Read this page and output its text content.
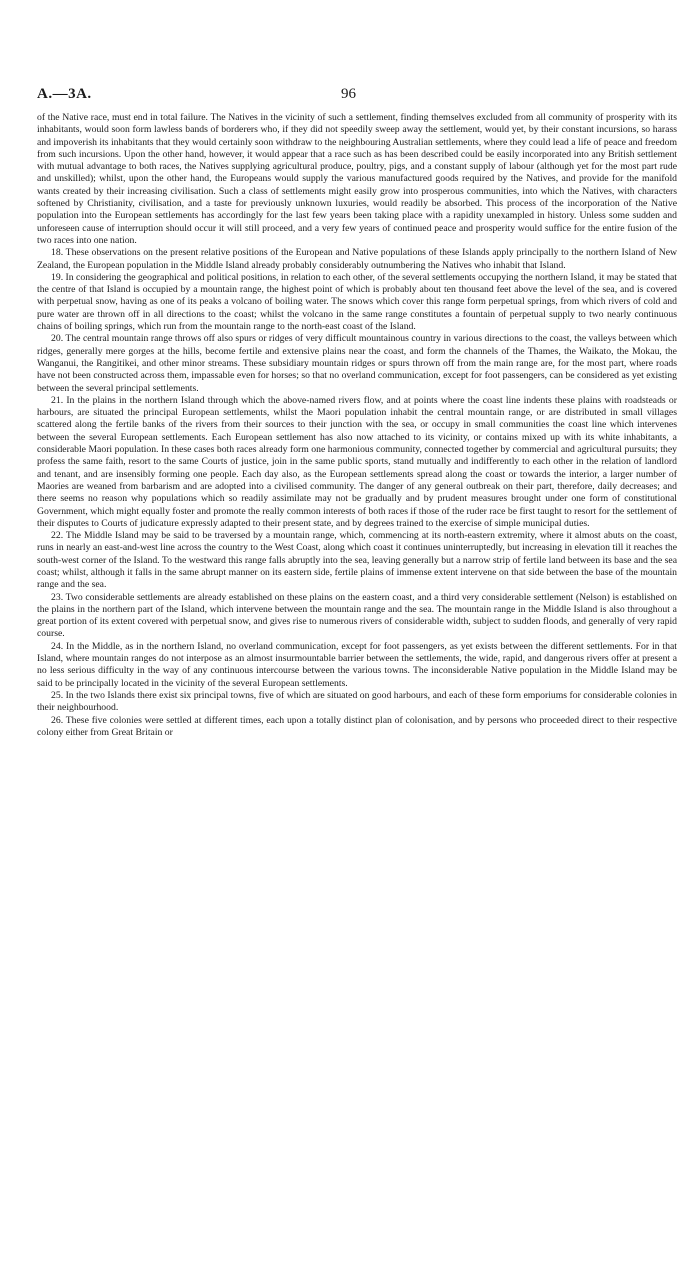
A.—3A.	96

of the Native race, must end in total failure. The Natives in the vicinity of such a settlement, finding themselves excluded from all community of prosperity with its inhabitants, would soon form lawless bands of borderers who, if they did not speedily sweep away the settlement, would yet, by their constant incursions, so harass and impoverish its inhabitants that they would certainly soon withdraw to the neighbouring Australian settlements, where they could lead a life of peace and freedom from such incursions. Upon the other hand, however, it would appear that a race such as has been described could be easily incorporated into any British settlement with mutual advantage to both races, the Natives supplying agricultural produce, poultry, pigs, and a constant supply of labour (although yet for the most part rude and unskilled); whilst, upon the other hand, the Europeans would supply the various manufactured goods required by the Natives, and provide for the manifold wants created by their increasing civilisation. Such a class of settlements might easily grow into prosperous communities, into which the Natives, with characters softened by Christianity, civilisation, and a taste for previously unknown luxuries, would readily be absorbed. This process of the incorporation of the Native population into the European settlements has accordingly for the last few years been taking place with a rapidity unexampled in history. Unless some sudden and unforeseen cause of interruption should occur it will still proceed, and a very few years of continued peace and prosperity would suffice for the entire fusion of the two races into one nation.

18. These observations on the present relative positions of the European and Native populations of these Islands apply principally to the northern Island of New Zealand, the European population in the Middle Island already probably considerably outnumbering the Natives who inhabit that Island.

19. In considering the geographical and political positions, in relation to each other, of the several settlements occupying the northern Island, it may be stated that the centre of that Island is occupied by a mountain range, the highest point of which is probably about ten thousand feet above the level of the sea, and is covered with perpetual snow, having as one of its peaks a volcano of boiling water. The snows which cover this range form perpetual springs, from which rivers of cold and pure water are thrown off in all directions to the coast; whilst the volcano in the same range constitutes a fountain of perpetual supply to two nearly continuous chains of boiling springs, which run from the mountain range to the north-east coast of the Island.

20. The central mountain range throws off also spurs or ridges of very difficult mountainous country in various directions to the coast, the valleys between which ridges, generally mere gorges at the hills, become fertile and extensive plains near the coast, and form the channels of the Thames, the Waikato, the Mokau, the Wanganui, the Rangitikei, and other minor streams. These subsidiary mountain ridges or spurs thrown off from the main range are, for the most part, where roads have not been constructed across them, impassable even for horses; so that no overland communication, except for foot passengers, can be considered as yet existing between the several principal settlements.

21. In the plains in the northern Island through which the above-named rivers flow, and at points where the coast line indents these plains with roadsteads or harbours, are situated the principal European settlements, whilst the Maori population inhabit the central mountain range, or are distributed in small villages scattered along the fertile banks of the rivers from their sources to their junction with the sea, or occupy in small communities the coast line which intervenes between the several European settlements. Each European settlement has also now attached to its vicinity, or contains mixed up with its white inhabitants, a considerable Maori population. In these cases both races already form one harmonious community, connected together by commercial and agricultural pursuits; they profess the same faith, resort to the same Courts of justice, join in the same public sports, stand mutually and indifferently to each other in the relation of landlord and tenant, and are insensibly forming one people. Each day also, as the European settlements spread along the coast or towards the interior, a larger number of Maories are weaned from barbarism and are adopted into a civilised community. The danger of any general outbreak on their part, therefore, daily decreases; and there seems no reason why populations which so readily assimilate may not be gradually and by prudent measures brought under one form of constitutional Government, which might equally foster and promote the really common interests of both races if those of the ruder race be first taught to resort for the settlement of their disputes to Courts of judicature expressly adapted to their present state, and by degrees trained to the exercise of simple municipal duties.

22. The Middle Island may be said to be traversed by a mountain range, which, commencing at its north-eastern extremity, where it almost abuts on the coast, runs in nearly an east-and-west line across the country to the West Coast, along which coast it continues uninterruptedly, but increasing in elevation till it reaches the south-west corner of the Island. To the westward this range falls abruptly into the sea, leaving generally but a narrow strip of fertile land between its base and the sea coast; whilst, although it falls in the same abrupt manner on its eastern side, fertile plains of immense extent intervene on that side between the base of the mountain range and the sea.

23. Two considerable settlements are already established on these plains on the eastern coast, and a third very considerable settlement (Nelson) is established on the plains in the northern part of the Island, which intervene between the mountain range and the sea. The mountain range in the Middle Island is also throughout a great portion of its extent covered with perpetual snow, and gives rise to numerous rivers of considerable width, subject to sudden floods, and generally of very rapid course.

24. In the Middle, as in the northern Island, no overland communication, except for foot passengers, as yet exists between the different settlements. For in that Island, where mountain ranges do not interpose as an almost insurmountable barrier between the settlements, the wide, rapid, and dangerous rivers offer at present a no less serious difficulty in the way of any continuous intercourse between the various towns. The inconsiderable Native population in the Middle Island may be said to be principally located in the vicinity of the several European settlements.

25. In the two Islands there exist six principal towns, five of which are situated on good harbours, and each of these form emporiums for considerable colonies in their neighbourhood.

26. These five colonies were settled at different times, each upon a totally distinct plan of colonisation, and by persons who proceeded direct to their respective colony either from Great Britain or
